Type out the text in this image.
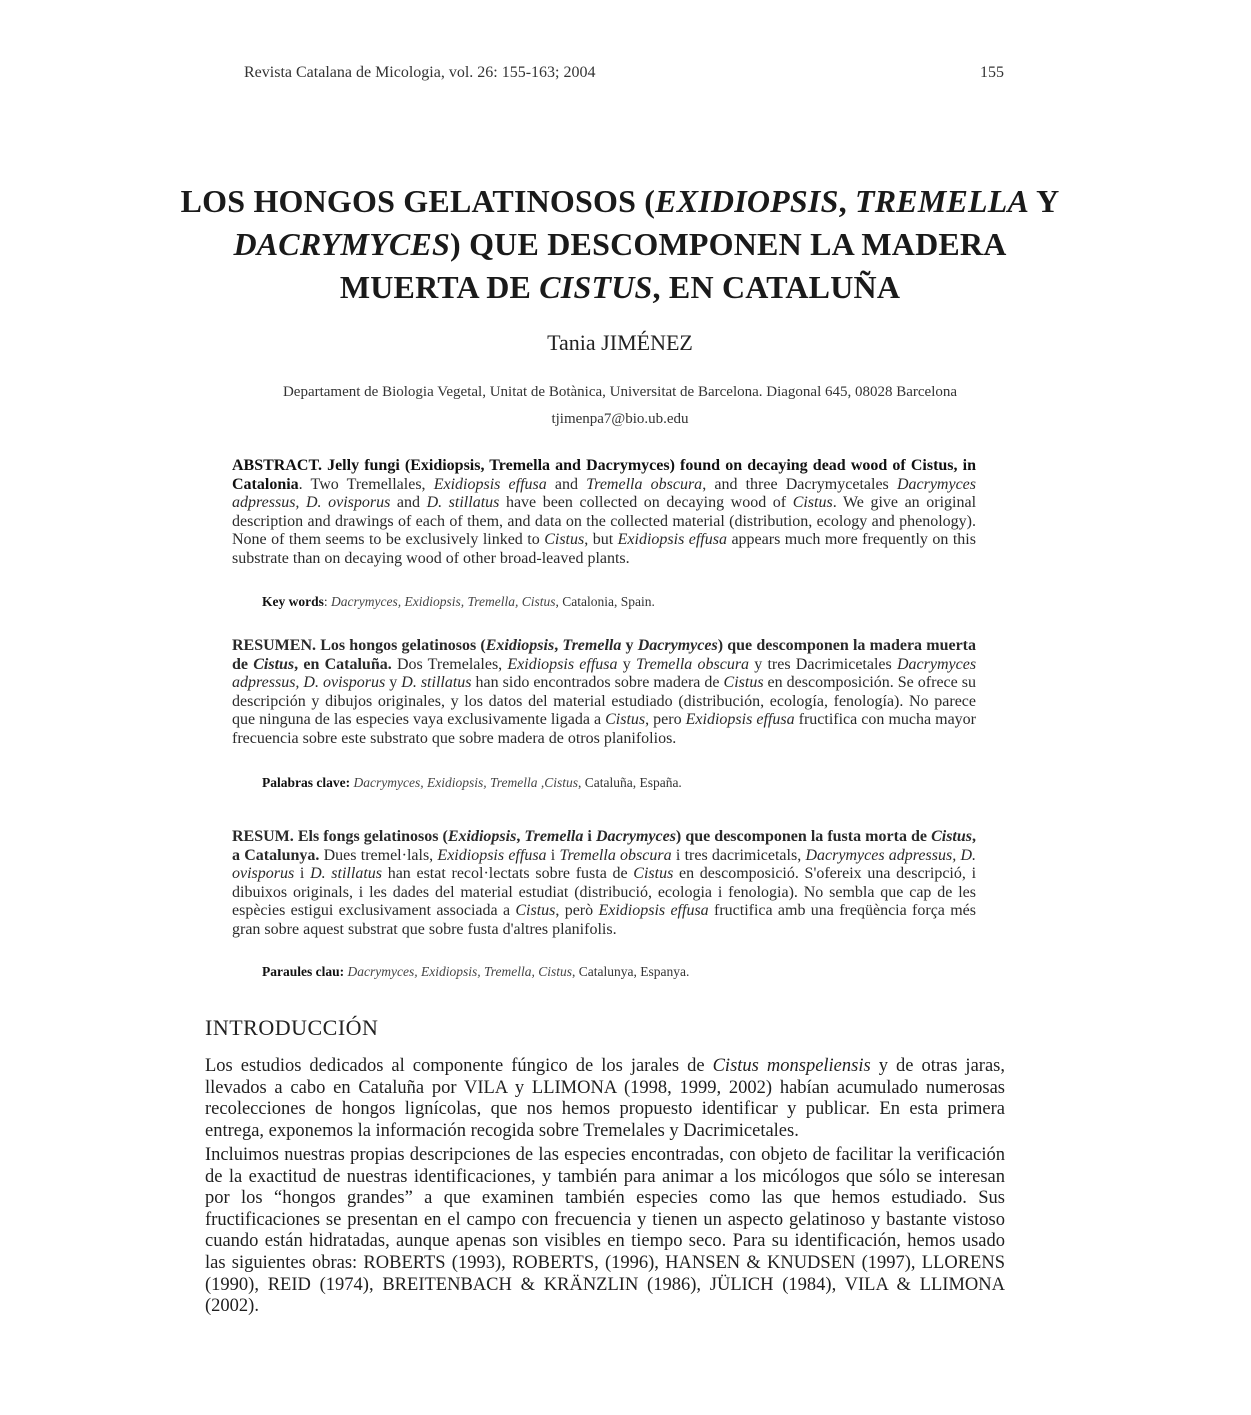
Revista Catalana de Micologia, vol. 26: 155-163; 2004	155
LOS HONGOS GELATINOSOS (EXIDIOPSIS, TREMELLA Y
DACRYMYCES) QUE DESCOMPONEN LA MADERA
MUERTA DE CISTUS, EN CATALUÑA
Tania JIMÉNEZ
Departament de Biologia Vegetal, Unitat de Botànica, Universitat de Barcelona. Diagonal 645, 08028 Barcelona
tjimenpa7@bio.ub.edu
ABSTRACT. Jelly fungi (Exidiopsis, Tremella and Dacrymyces) found on decaying dead wood of Cistus, in Catalonia. Two Tremellales, Exidiopsis effusa and Tremella obscura, and three Dacrymycetales Dacrymyces adpressus, D. ovisporus and D. stillatus have been collected on decaying wood of Cistus. We give an original description and drawings of each of them, and data on the collected material (distribution, ecology and phenology). None of them seems to be exclusively linked to Cistus, but Exidiopsis effusa appears much more frequently on this substrate than on decaying wood of other broad-leaved plants.
Key words: Dacrymyces, Exidiopsis, Tremella, Cistus, Catalonia, Spain.
RESUMEN. Los hongos gelatinosos (Exidiopsis, Tremella y Dacrymyces) que descomponen la madera muerta de Cistus, en Cataluña. Dos Tremelales, Exidiopsis effusa y Tremella obscura y tres Dacrimicetales Dacrymyces adpressus, D. ovisporus y D. stillatus han sido encontrados sobre madera de Cistus en descomposición. Se ofrece su descripción y dibujos originales, y los datos del material estudiado (distribución, ecología, fenología). No parece que ninguna de las especies vaya exclusivamente ligada a Cistus, pero Exidiopsis effusa fructifica con mucha mayor frecuencia sobre este substrato que sobre madera de otros planifolios.
Palabras clave: Dacrymyces, Exidiopsis, Tremella ,Cistus, Cataluña, España.
RESUM. Els fongs gelatinosos (Exidiopsis, Tremella i Dacrymyces) que descomponen la fusta morta de Cistus, a Catalunya. Dues tremel·lals, Exidiopsis effusa i Tremella obscura i tres dacrimicetals, Dacrymyces adpressus, D. ovisporus i D. stillatus han estat recol·lectats sobre fusta de Cistus en descomposició. S'ofereix una descripció, i dibuixos originals, i les dades del material estudiat (distribució, ecologia i fenologia). No sembla que cap de les espècies estigui exclusivament associada a Cistus, però Exidiopsis effusa fructifica amb una freqüència força més gran sobre aquest substrat que sobre fusta d'altres planifolis.
Paraules clau: Dacrymyces, Exidiopsis, Tremella, Cistus, Catalunya, Espanya.
INTRODUCCIÓN
Los estudios dedicados al componente fúngico de los jarales de Cistus monspeliensis y de otras jaras, llevados a cabo en Cataluña por VILA y LLIMONA (1998, 1999, 2002) habían acumulado numerosas recolecciones de hongos lignícolas, que nos hemos propuesto identificar y publicar. En esta primera entrega, exponemos la información recogida sobre Tremelales y Dacrimicetales.
Incluimos nuestras propias descripciones de las especies encontradas, con objeto de facilitar la verificación de la exactitud de nuestras identificaciones, y también para animar a los micólogos que sólo se interesan por los “hongos grandes” a que examinen también especies como las que hemos estudiado. Sus fructificaciones se presentan en el campo con frecuencia y tienen un aspecto gelatinoso y bastante vistoso cuando están hidratadas, aunque apenas son visibles en tiempo seco. Para su identificación, hemos usado las siguientes obras: ROBERTS (1993), ROBERTS, (1996), HANSEN & KNUDSEN (1997), LLORENS (1990), REID (1974), BREITENBACH & KRÄNZLIN (1986), JÜLICH (1984), VILA & LLIMONA (2002).
